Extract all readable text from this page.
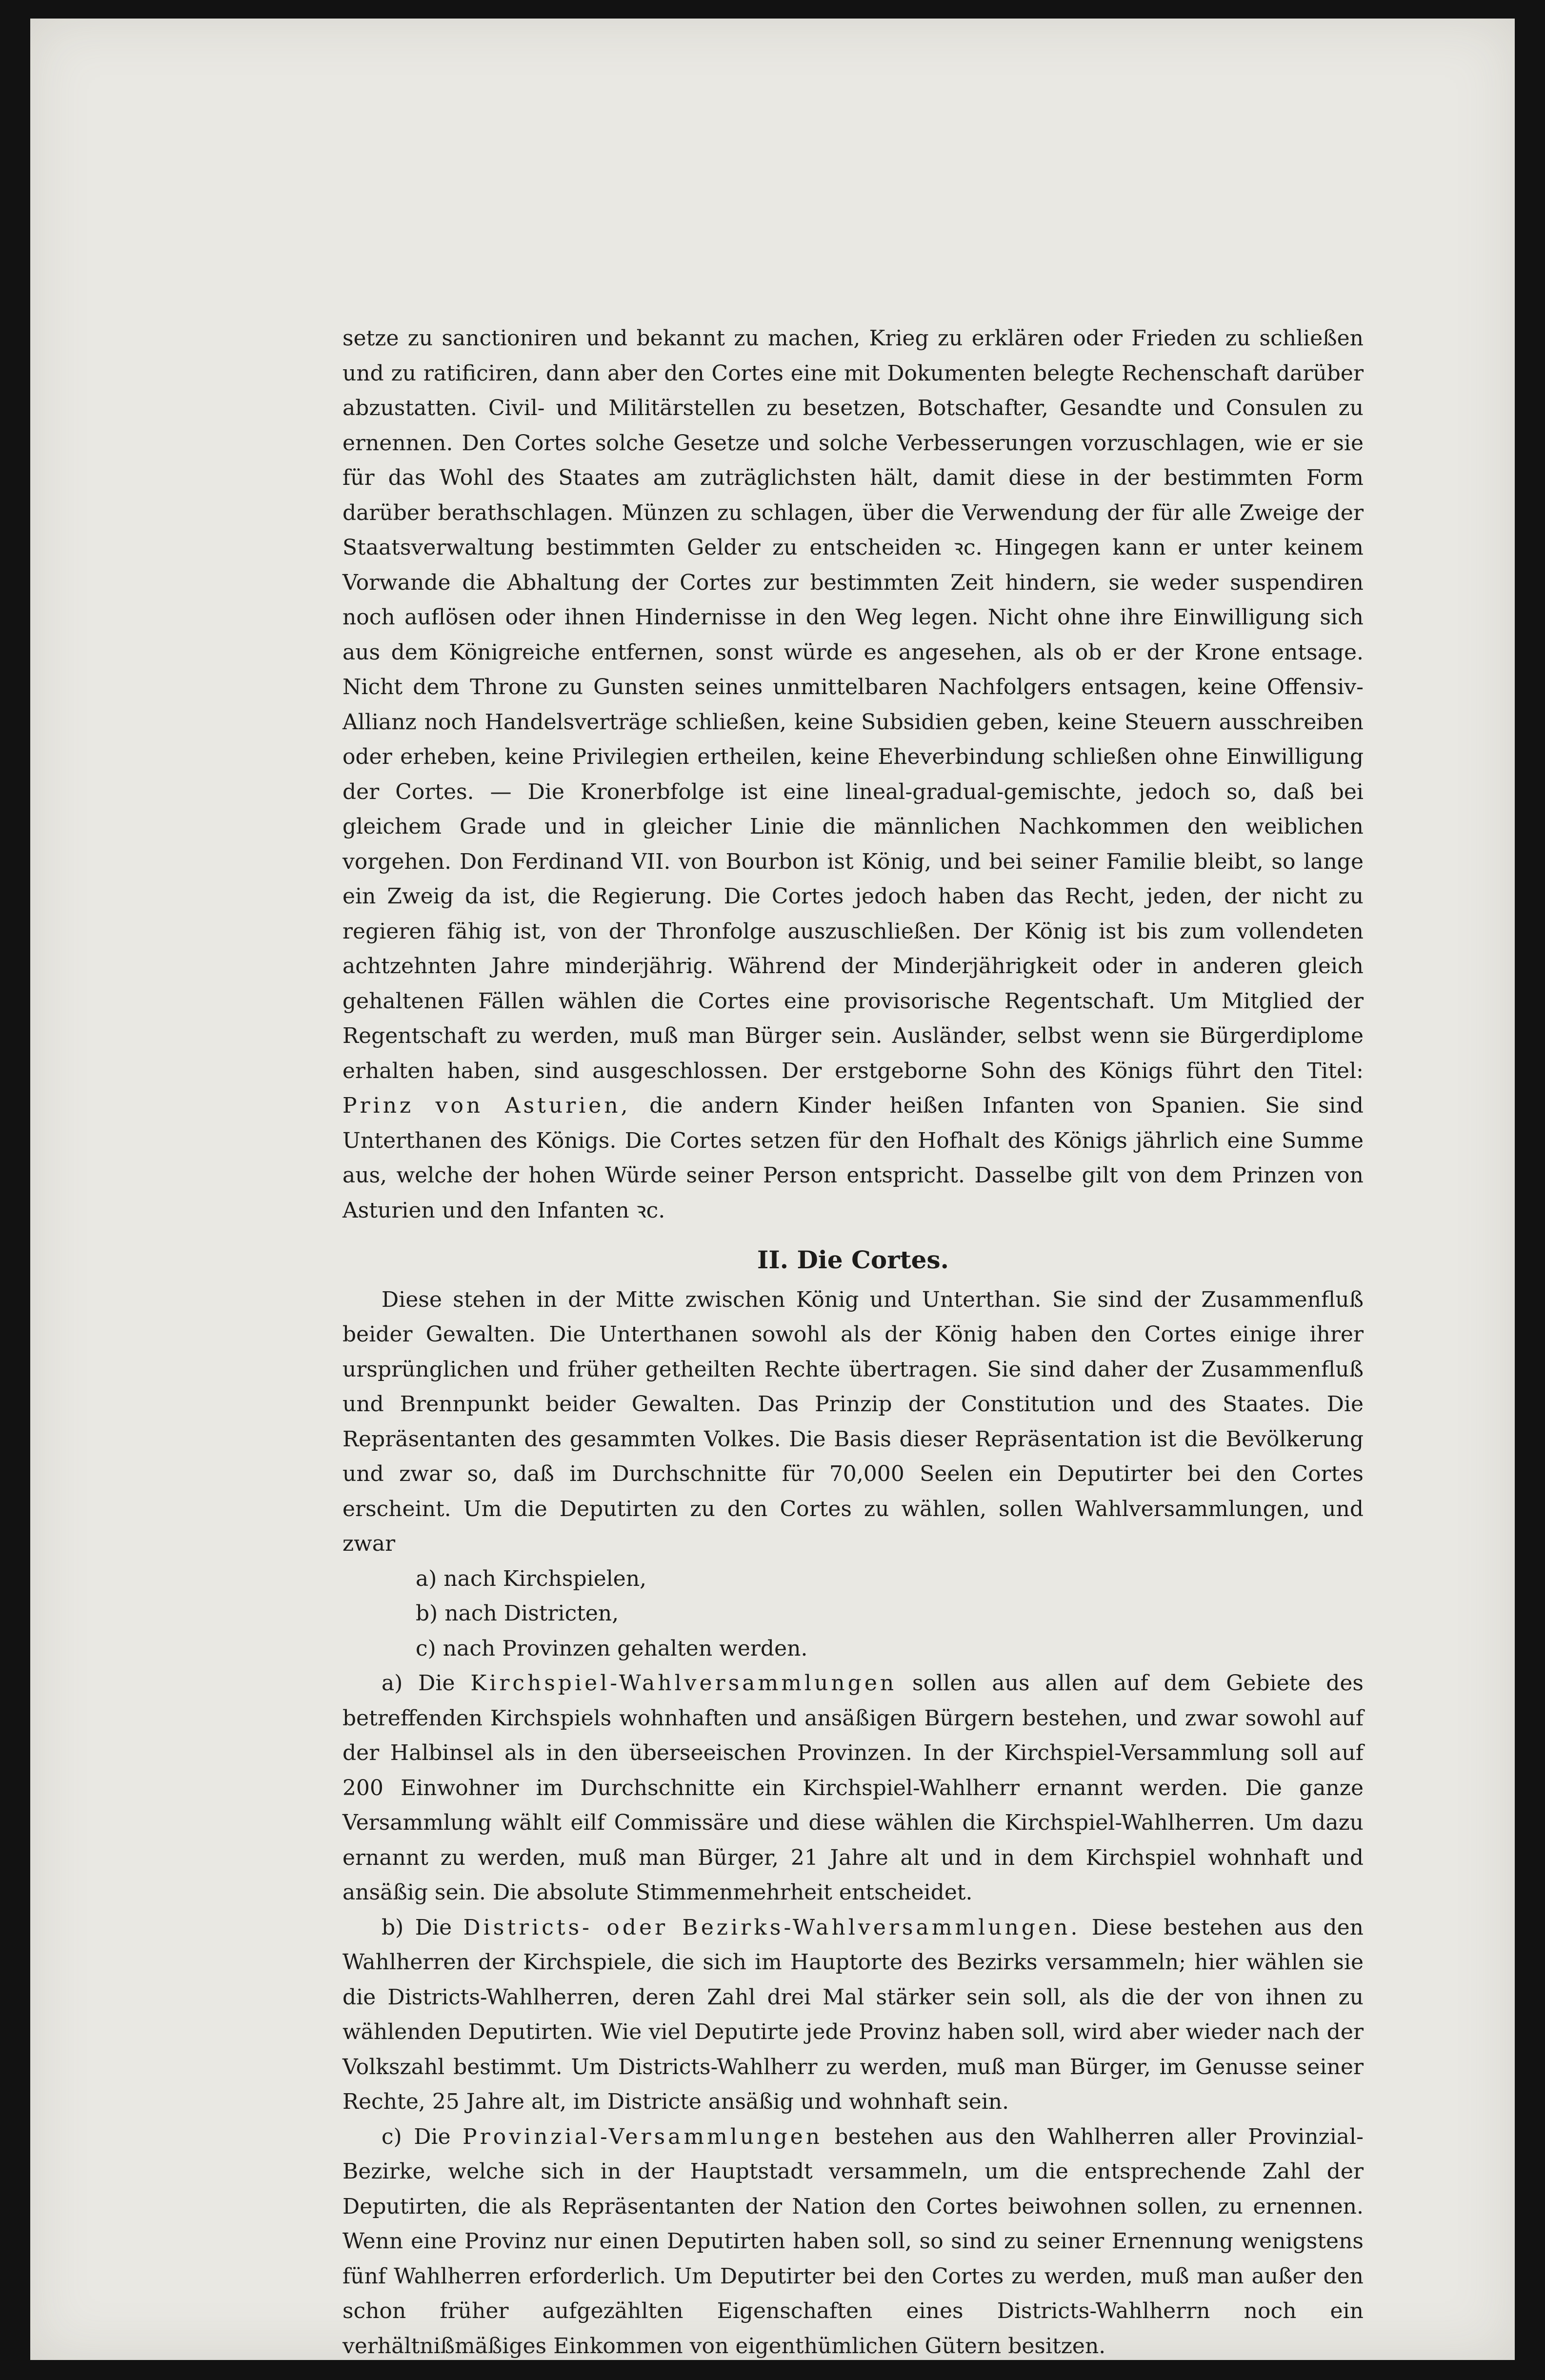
setze zu sanctioniren und bekannt zu machen, Krieg zu erklären oder Frieden zu schließen und zu ratificiren, dann aber den Cortes eine mit Dokumenten belegte Rechenschaft darüber abzustatten. Civil- und Militärstellen zu besetzen, Botschafter, Gesandte und Consulen zu ernennen. Den Cortes solche Gesetze und solche Verbesserungen vorzuschlagen, wie er sie für das Wohl des Staates am zuträglichsten hält, damit diese in der bestimmten Form darüber berathschlagen. Münzen zu schlagen, über die Verwendung der für alle Zweige der Staatsverwaltung bestimmten Gelder zu entscheiden ꝛc. Hingegen kann er unter keinem Vorwande die Abhaltung der Cortes zur bestimmten Zeit hindern, sie weder suspendiren noch auflösen oder ihnen Hindernisse in den Weg legen. Nicht ohne ihre Einwilligung sich aus dem Königreiche entfernen, sonst würde es angesehen, als ob er der Krone entsage. Nicht dem Throne zu Gunsten seines unmittelbaren Nachfolgers entsagen, keine Offensiv-Allianz noch Handelsverträge schließen, keine Subsidien geben, keine Steuern ausschreiben oder erheben, keine Privilegien ertheilen, keine Eheverbindung schließen ohne Einwilligung der Cortes. — Die Kronerbfolge ist eine lineal-gradual-gemischte, jedoch so, daß bei gleichem Grade und in gleicher Linie die männlichen Nachkommen den weiblichen vorgehen. Don Ferdinand VII. von Bourbon ist König, und bei seiner Familie bleibt, so lange ein Zweig da ist, die Regierung. Die Cortes jedoch haben das Recht, jeden, der nicht zu regieren fähig ist, von der Thronfolge auszuschließen. Der König ist bis zum vollendeten achtzehnten Jahre minderjährig. Während der Minderjährigkeit oder in anderen gleich gehaltenen Fällen wählen die Cortes eine provisorische Regentschaft. Um Mitglied der Regentschaft zu werden, muß man Bürger sein. Ausländer, selbst wenn sie Bürgerdiplome erhalten haben, sind ausgeschlossen. Der erstgeborne Sohn des Königs führt den Titel: Prinz von Asturien, die andern Kinder heißen Infanten von Spanien. Sie sind Unterthanen des Königs. Die Cortes setzen für den Hofhalt des Königs jährlich eine Summe aus, welche der hohen Würde seiner Person entspricht. Dasselbe gilt von dem Prinzen von Asturien und den Infanten ꝛc.

II. Die Cortes.

Diese stehen in der Mitte zwischen König und Unterthan. Sie sind der Zusammenfluß beider Gewalten. Die Unterthanen sowohl als der König haben den Cortes einige ihrer ursprünglichen und früher getheilten Rechte übertragen. Sie sind daher der Zusammenfluß und Brennpunkt beider Gewalten. Das Prinzip der Constitution und des Staates. Die Repräsentanten des gesammten Volkes. Die Basis dieser Repräsentation ist die Bevölkerung und zwar so, daß im Durchschnitte für 70,000 Seelen ein Deputirter bei den Cortes erscheint. Um die Deputirten zu den Cortes zu wählen, sollen Wahlversammlungen, und zwar

a) nach Kirchspielen,

b) nach Districten,

c) nach Provinzen gehalten werden.

a) Die Kirchspiel-Wahlversammlungen sollen aus allen auf dem Gebiete des betreffenden Kirchspiels wohnhaften und ansäßigen Bürgern bestehen, und zwar sowohl auf der Halbinsel als in den überseeischen Provinzen. In der Kirchspiel-Versammlung soll auf 200 Einwohner im Durchschnitte ein Kirchspiel-Wahlherr ernannt werden. Die ganze Versammlung wählt eilf Commissäre und diese wählen die Kirchspiel-Wahlherren. Um dazu ernannt zu werden, muß man Bürger, 21 Jahre alt und in dem Kirchspiel wohnhaft und ansäßig sein. Die absolute Stimmenmehrheit entscheidet.

b) Die Districts- oder Bezirks-Wahlversammlungen. Diese bestehen aus den Wahlherren der Kirchspiele, die sich im Hauptorte des Bezirks versammeln; hier wählen sie die Districts-Wahlherren, deren Zahl drei Mal stärker sein soll, als die der von ihnen zu wählenden Deputirten. Wie viel Deputirte jede Provinz haben soll, wird aber wieder nach der Volkszahl bestimmt. Um Districts-Wahlherr zu werden, muß man Bürger, im Genusse seiner Rechte, 25 Jahre alt, im Districte ansäßig und wohnhaft sein.

c) Die Provinzial-Versammlungen bestehen aus den Wahlherren aller Provinzial-Bezirke, welche sich in der Hauptstadt versammeln, um die entsprechende Zahl der Deputirten, die als Repräsentanten der Nation den Cortes beiwohnen sollen, zu ernennen. Wenn eine Provinz nur einen Deputirten haben soll, so sind zu seiner Ernennung wenigstens fünf Wahlherren erforderlich. Um Deputirter bei den Cortes zu werden, muß man außer den schon früher aufgezählten Eigenschaften eines Districts-Wahlherrn noch ein verhältnißmäßiges Einkommen von eigenthümlichen Gütern besitzen.
